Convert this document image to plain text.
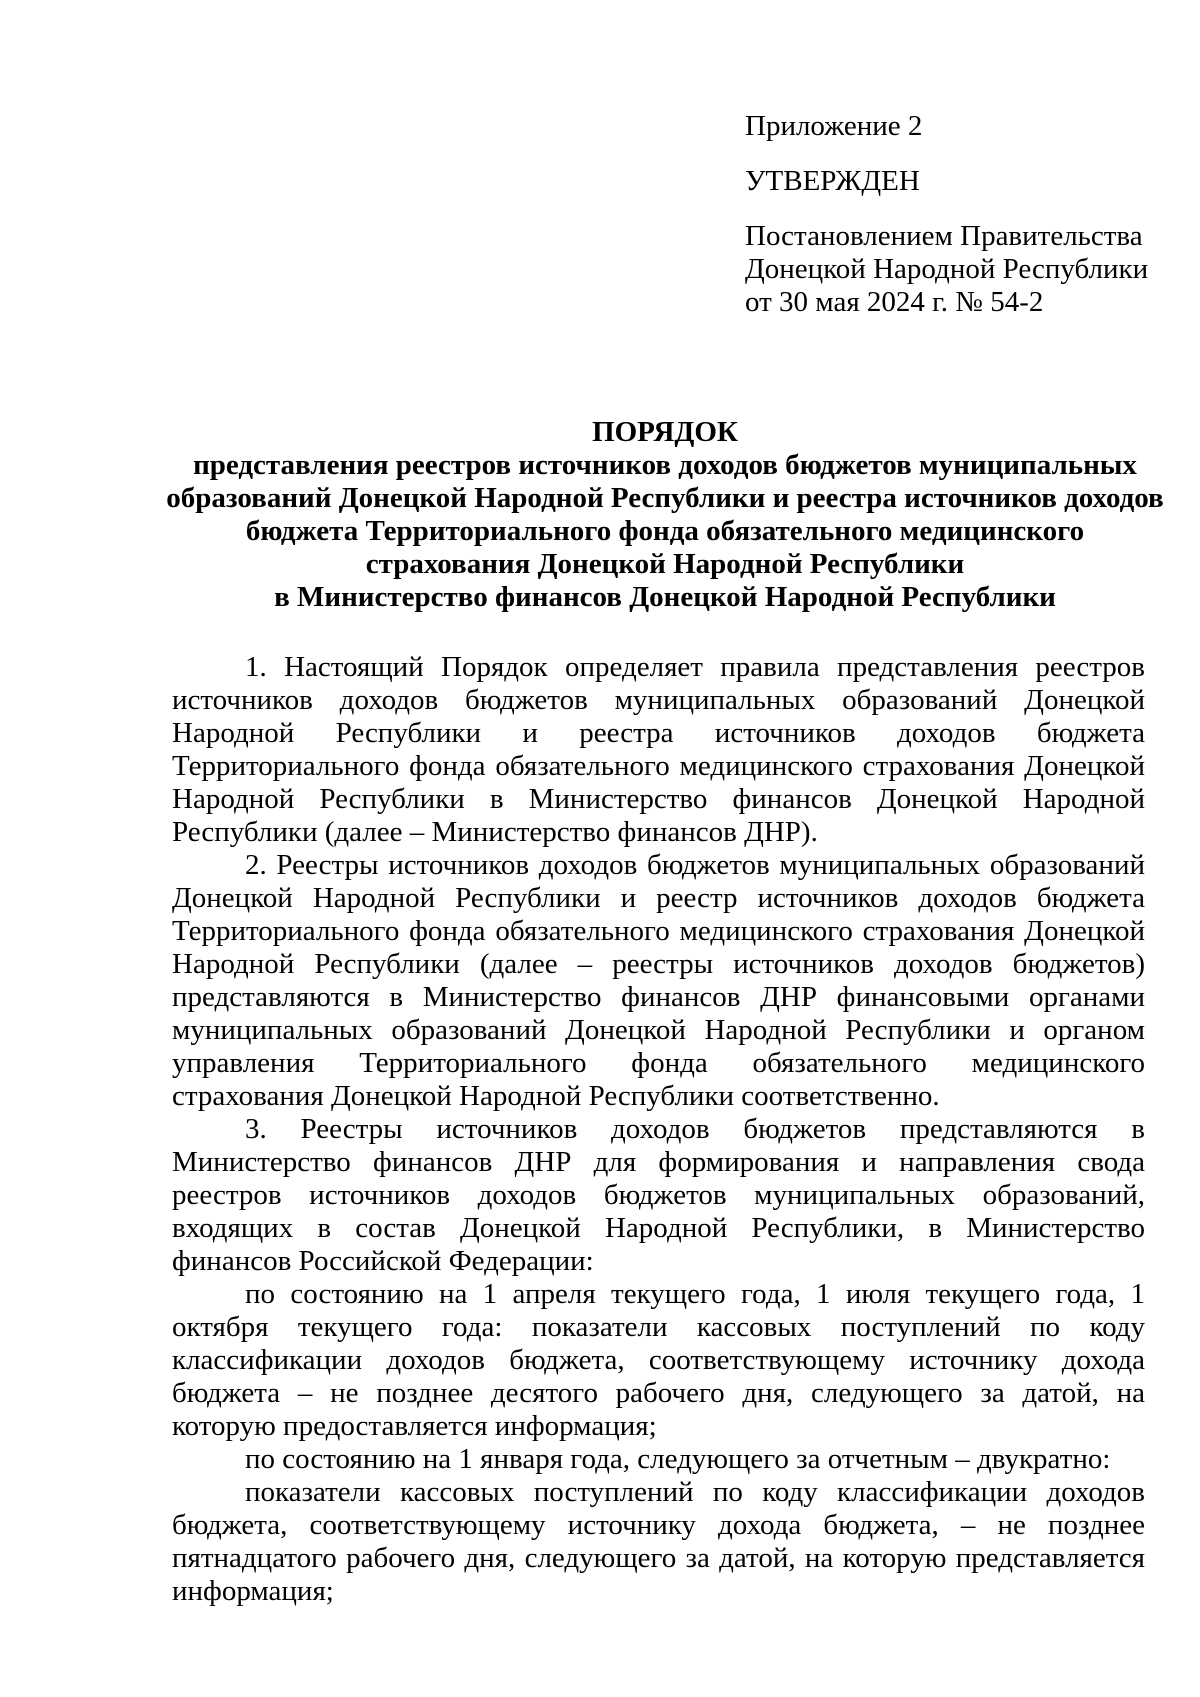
Приложение 2
УТВЕРЖДЕН
Постановлением Правительства
Донецкой Народной Республики
от 30 мая 2024 г. № 54-2
ПОРЯДОК
представления реестров источников доходов бюджетов муниципальных
образований Донецкой Народной Республики и реестра источников доходов
бюджета Территориального фонда обязательного медицинского
страхования Донецкой Народной Республики
в Министерство финансов Донецкой Народной Республики

1. Настоящий Порядок определяет правила представления реестров источников доходов бюджетов муниципальных образований Донецкой Народной Республики и реестра источников доходов бюджета Территориального фонда обязательного медицинского страхования Донецкой Народной Республики в Министерство финансов Донецкой Народной Республики (далее – Министерство финансов ДНР).

2. Реестры источников доходов бюджетов муниципальных образований Донецкой Народной Республики и реестр источников доходов бюджета Территориального фонда обязательного медицинского страхования Донецкой Народной Республики (далее – реестры источников доходов бюджетов) представляются в Министерство финансов ДНР финансовыми органами муниципальных образований Донецкой Народной Республики и органом управления Территориального фонда обязательного медицинского страхования Донецкой Народной Республики соответственно.

3. Реестры источников доходов бюджетов представляются в Министерство финансов ДНР для формирования и направления свода реестров источников доходов бюджетов муниципальных образований, входящих в состав Донецкой Народной Республики, в Министерство финансов Российской Федерации:

по состоянию на 1 апреля текущего года, 1 июля текущего года, 1 октября текущего года: показатели кассовых поступлений по коду классификации доходов бюджета, соответствующему источнику дохода бюджета – не позднее десятого рабочего дня, следующего за датой, на которую предоставляется информация;

по состоянию на 1 января года, следующего за отчетным – двукратно:

показатели кассовых поступлений по коду классификации доходов бюджета, соответствующему источнику дохода бюджета, – не позднее пятнадцатого рабочего дня, следующего за датой, на которую представляется информация;
